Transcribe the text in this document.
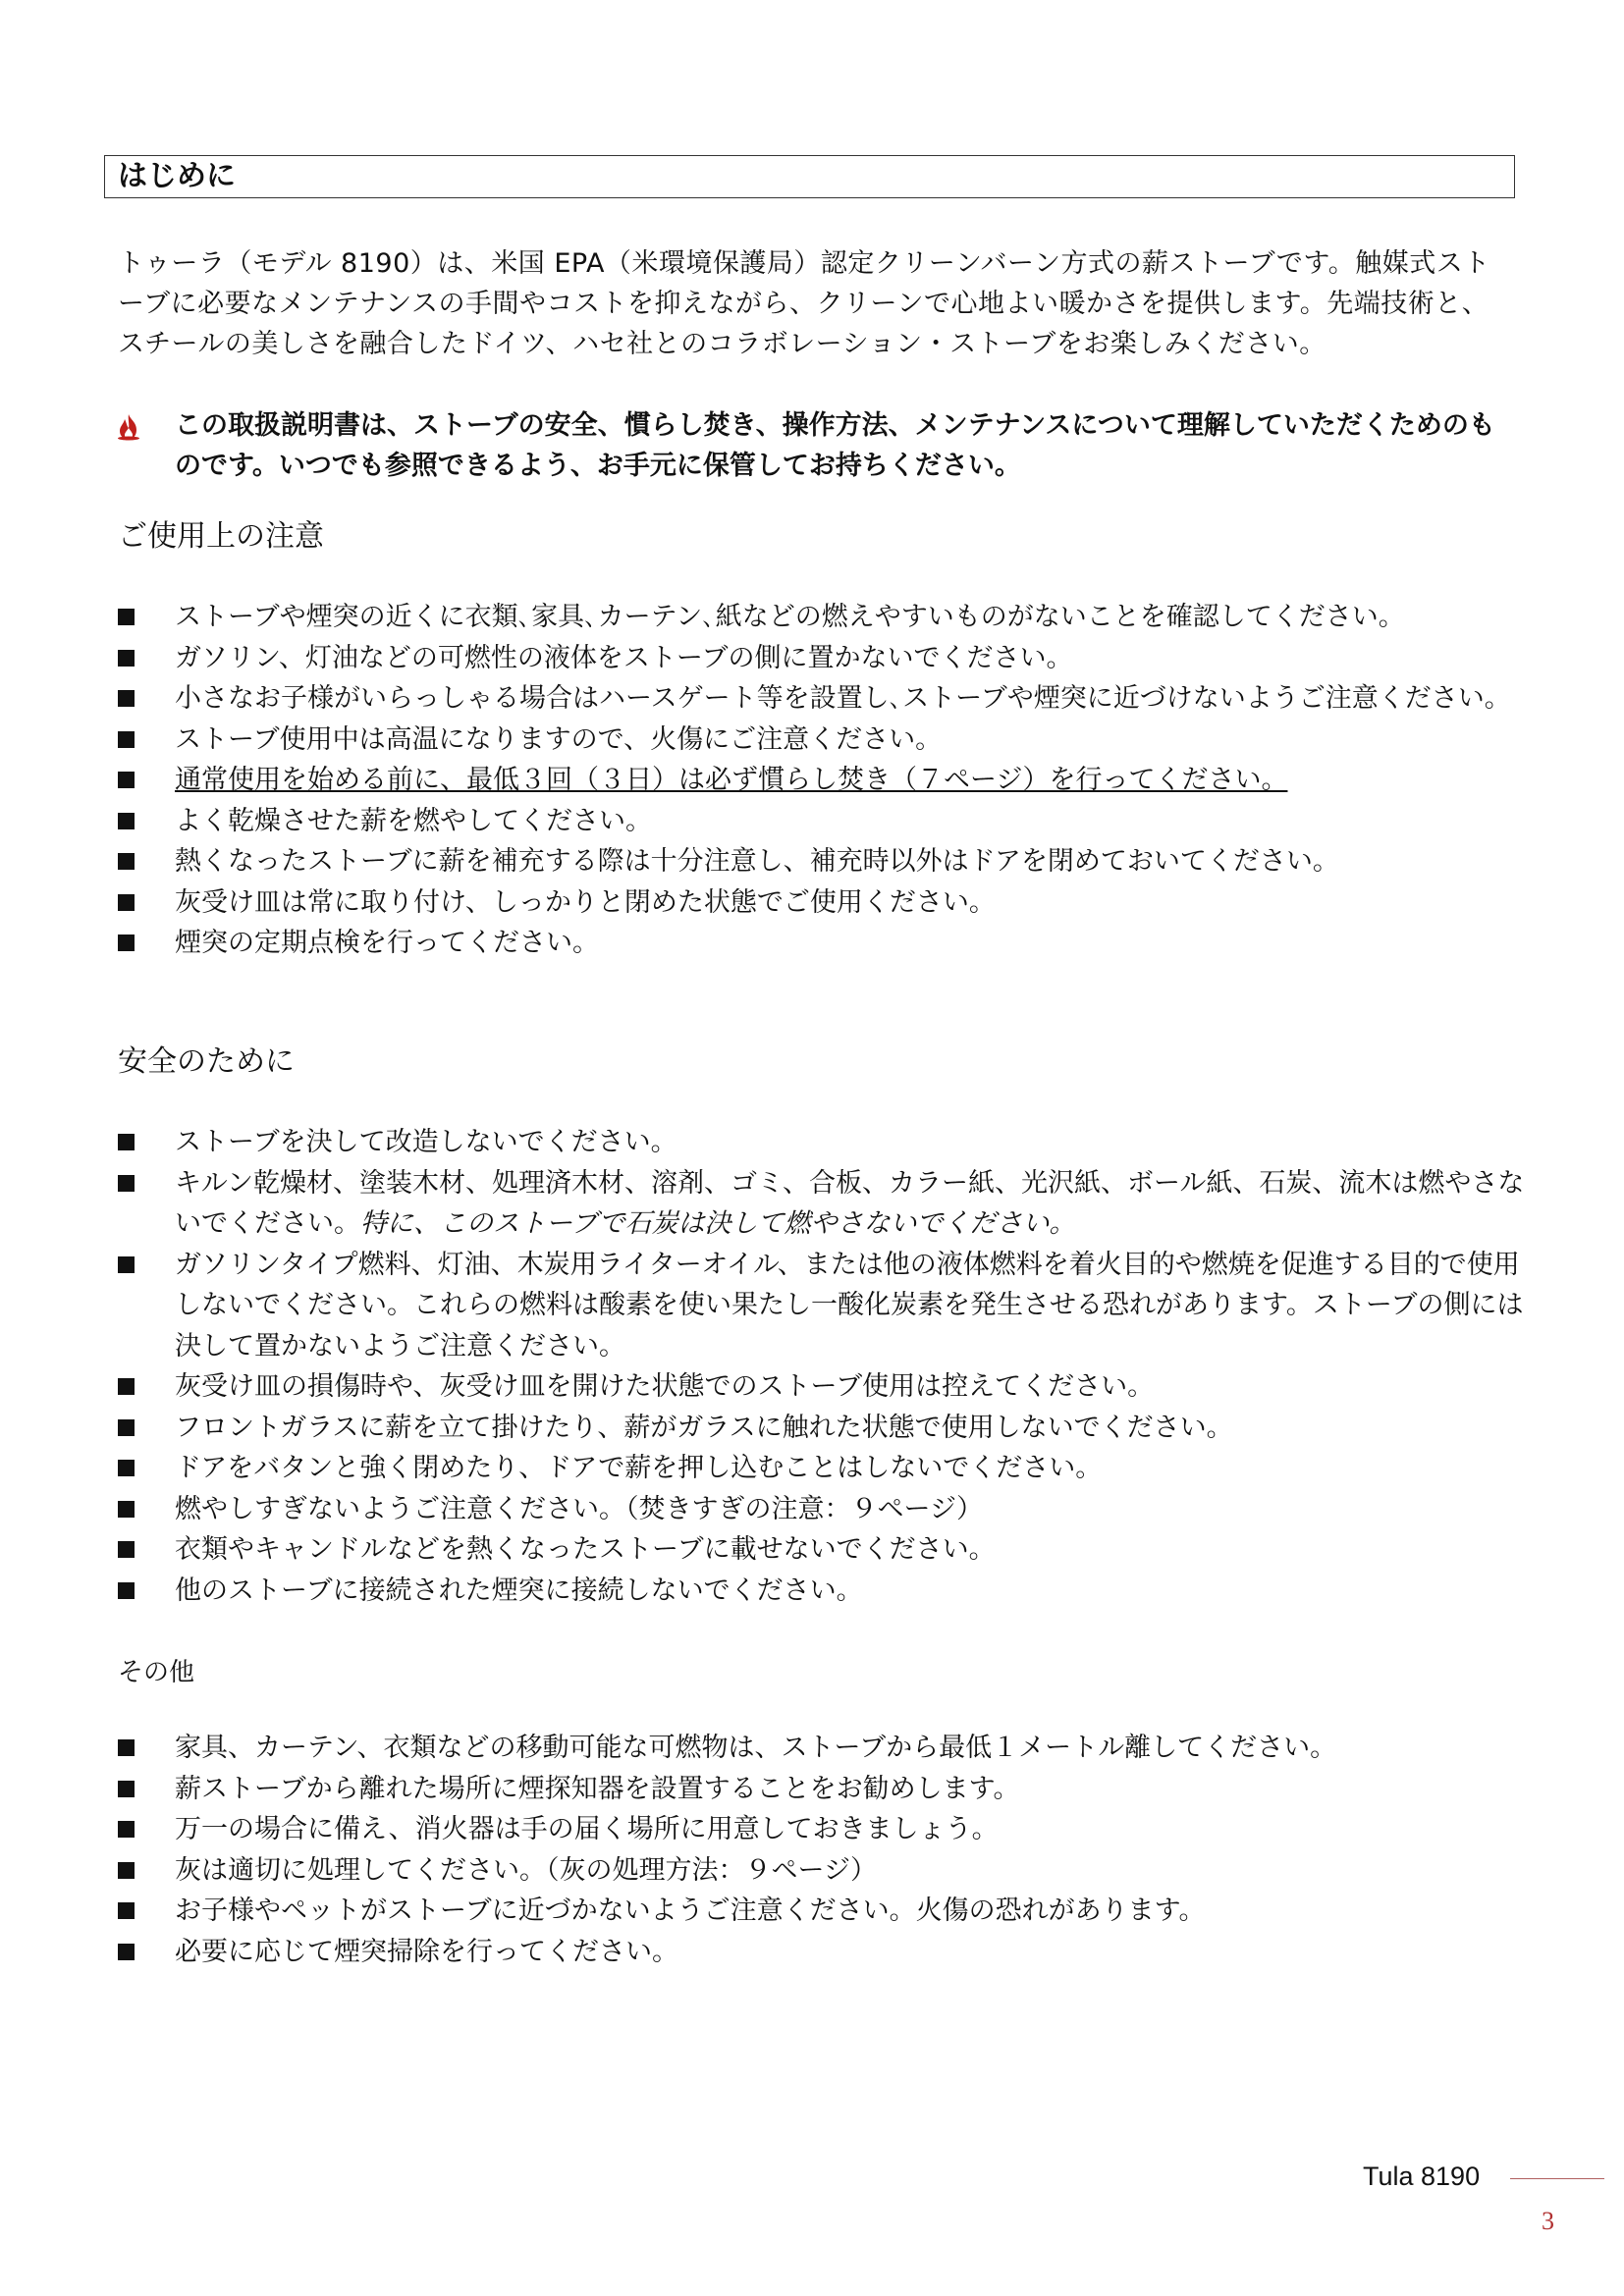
はじめに
トゥーラ（モデル 8190）は、米国 EPA（米環境保護局）認定クリーンバーン方式の薪ストーブです。触媒式ストーブに必要なメンテナンスの手間やコストを抑えながら、クリーンで心地よい暖かさを提供します。先端技術と、スチールの美しさを融合したドイツ、ハセ社とのコラボレーション・ストーブをお楽しみください。
この取扱説明書は、ストーブの安全、慣らし焚き、操作方法、メンテナンスについて理解していただくためのものです。いつでも参照できるよう、お手元に保管してお持ちください。
ご使用上の注意
ストーブや煙突の近くに衣類､家具､カーテン､紙などの燃えやすいものがないことを確認してください。
ガソリン、灯油などの可燃性の液体をストーブの側に置かないでください。
小さなお子様がいらっしゃる場合はハースゲート等を設置し､ストーブや煙突に近づけないようご注意ください。
ストーブ使用中は高温になりますので、火傷にご注意ください。
通常使用を始める前に、最低３回（３日）は必ず慣らし焚き（７ページ）を行ってください。
よく乾燥させた薪を燃やしてください。
熱くなったストーブに薪を補充する際は十分注意し、補充時以外はドアを閉めておいてください。
灰受け皿は常に取り付け、しっかりと閉めた状態でご使用ください。
煙突の定期点検を行ってください。
安全のために
ストーブを決して改造しないでください。
キルン乾燥材、塗装木材、処理済木材、溶剤、ゴミ、合板、カラー紙、光沢紙、ボール紙、石炭、流木は燃やさないでください。特に、このストーブで石炭は決して燃やさないでください。
ガソリンタイプ燃料、灯油、木炭用ライターオイル、または他の液体燃料を着火目的や燃焼を促進する目的で使用しないでください。これらの燃料は酸素を使い果たし一酸化炭素を発生させる恐れがあります。ストーブの側には決して置かないようご注意ください。
灰受け皿の損傷時や、灰受け皿を開けた状態でのストーブ使用は控えてください。
フロントガラスに薪を立て掛けたり、薪がガラスに触れた状態で使用しないでください。
ドアをバタンと強く閉めたり、ドアで薪を押し込むことはしないでください。
燃やしすぎないようご注意ください。（焚きすぎの注意：９ページ）
衣類やキャンドルなどを熱くなったストーブに載せないでください。
他のストーブに接続された煙突に接続しないでください。
その他
家具、カーテン、衣類などの移動可能な可燃物は、ストーブから最低１メートル離してください。
薪ストーブから離れた場所に煙探知器を設置することをお勧めします。
万一の場合に備え、消火器は手の届く場所に用意しておきましょう。
灰は適切に処理してください。（灰の処理方法：９ページ）
お子様やペットがストーブに近づかないようご注意ください。火傷の恐れがあります。
必要に応じて煙突掃除を行ってください。
Tula 8190
3
